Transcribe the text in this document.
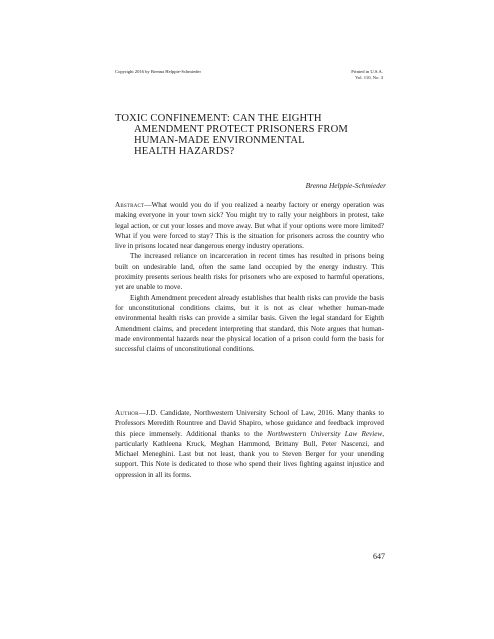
Copyright 2016 by Brenna Helppie-Schmieder	Printed in U.S.A.
Vol. 110, No. 3
TOXIC CONFINEMENT: CAN THE EIGHTH
AMENDMENT PROTECT PRISONERS FROM
HUMAN-MADE ENVIRONMENTAL
HEALTH HAZARDS?
Brenna Helppie-Schmieder

Abstract—What would you do if you realized a nearby factory or energy operation was making everyone in your town sick? You might try to rally your neighbors in protest, take legal action, or cut your losses and move away. But what if your options were more limited? What if you were forced to stay? This is the situation for prisoners across the country who live in prisons located near dangerous energy industry operations.

The increased reliance on incarceration in recent times has resulted in prisons being built on undesirable land, often the same land occupied by the energy industry. This proximity presents serious health risks for prisoners who are exposed to harmful operations, yet are unable to move.

Eighth Amendment precedent already establishes that health risks can provide the basis for unconstitutional conditions claims, but it is not as clear whether human-made environmental health risks can provide a similar basis. Given the legal standard for Eighth Amendment claims, and precedent interpreting that standard, this Note argues that human-made environmental hazards near the physical location of a prison could form the basis for successful claims of unconstitutional conditions.

Author—J.D. Candidate, Northwestern University School of Law, 2016. Many thanks to Professors Meredith Rountree and David Shapiro, whose guidance and feedback improved this piece immensely. Additional thanks to the Northwestern University Law Review, particularly Kathleena Kruck, Meghan Hammond, Brittany Bull, Peter Nascenzi, and Michael Meneghini. Last but not least, thank you to Steven Berger for your unending support. This Note is dedicated to those who spend their lives fighting against injustice and oppression in all its forms.

647
